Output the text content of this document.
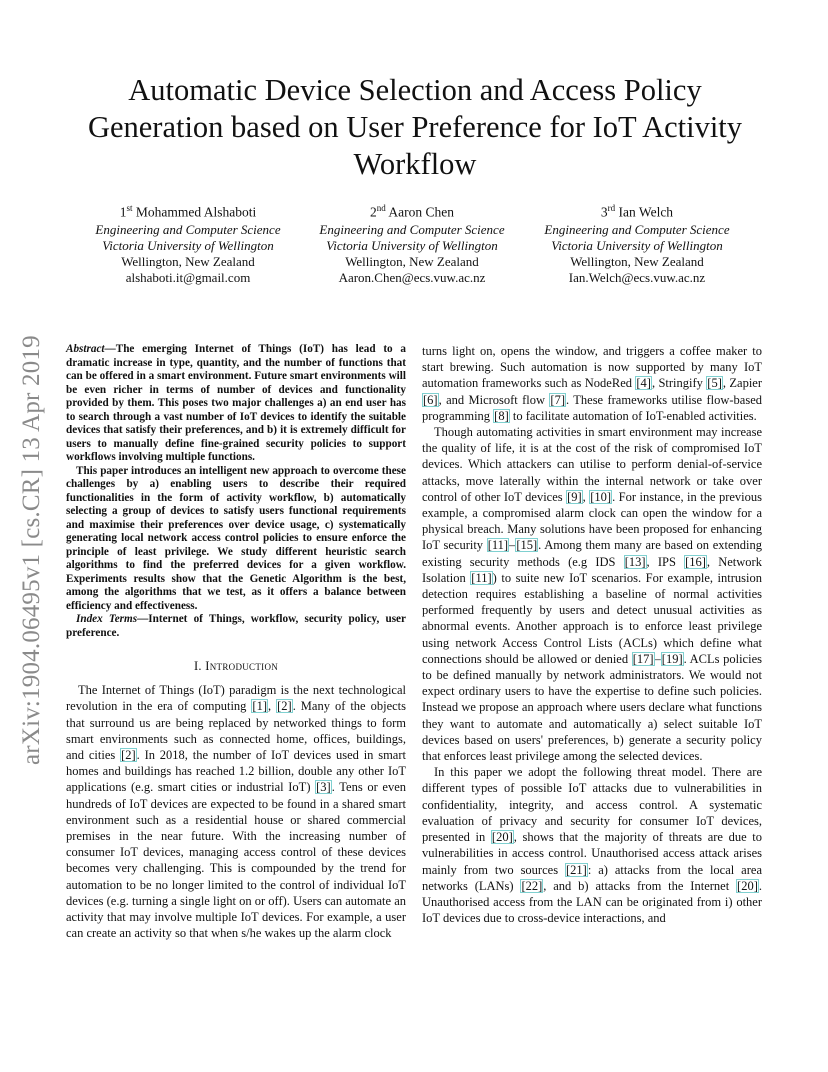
arXiv:1904.06495v1 [cs.CR] 13 Apr 2019
Automatic Device Selection and Access Policy Generation based on User Preference for IoT Activity Workflow
1st Mohammed Alshaboti
Engineering and Computer Science
Victoria University of Wellington
Wellington, New Zealand
alshaboti.it@gmail.com
2nd Aaron Chen
Engineering and Computer Science
Victoria University of Wellington
Wellington, New Zealand
Aaron.Chen@ecs.vuw.ac.nz
3rd Ian Welch
Engineering and Computer Science
Victoria University of Wellington
Wellington, New Zealand
Ian.Welch@ecs.vuw.ac.nz

Abstract—The emerging Internet of Things (IoT) has lead to a dramatic increase in type, quantity, and the number of functions that can be offered in a smart environment. Future smart environments will be even richer in terms of number of devices and functionality provided by them. This poses two major challenges a) an end user has to search through a vast number of IoT devices to identify the suitable devices that satisfy their preferences, and b) it is extremely difficult for users to manually define fine-grained security policies to support workflows involving multiple functions.

This paper introduces an intelligent new approach to overcome these challenges by a) enabling users to describe their required functionalities in the form of activity workflow, b) automatically selecting a group of devices to satisfy users functional requirements and maximise their preferences over device usage, c) systematically generating local network access control policies to ensure enforce the principle of least privilege. We study different heuristic search algorithms to find the preferred devices for a given workflow. Experiments results show that the Genetic Algorithm is the best, among the algorithms that we test, as it offers a balance between efficiency and effectiveness.

Index Terms—Internet of Things, workflow, security policy, user preference.

I. Introduction

The Internet of Things (IoT) paradigm is the next technological revolution in the era of computing [1], [2]. Many of the objects that surround us are being replaced by networked things to form smart environments such as connected home, offices, buildings, and cities [2]. In 2018, the number of IoT devices used in smart homes and buildings has reached 1.2 billion, double any other IoT applications (e.g. smart cities or industrial IoT) [3]. Tens or even hundreds of IoT devices are expected to be found in a shared smart environment such as a residential house or shared commercial premises in the near future. With the increasing number of consumer IoT devices, managing access control of these devices becomes very challenging. This is compounded by the trend for automation to be no longer limited to the control of individual IoT devices (e.g. turning a single light on or off). Users can automate an activity that may involve multiple IoT devices. For example, a user can create an activity so that when s/he wakes up the alarm clock

turns light on, opens the window, and triggers a coffee maker to start brewing. Such automation is now supported by many IoT automation frameworks such as NodeRed [4], Stringify [5], Zapier [6], and Microsoft flow [7]. These frameworks utilise flow-based programming [8] to facilitate automation of IoT-enabled activities.

Though automating activities in smart environment may increase the quality of life, it is at the cost of the risk of compromised IoT devices. Which attackers can utilise to perform denial-of-service attacks, move laterally within the internal network or take over control of other IoT devices [9], [10]. For instance, in the previous example, a compromised alarm clock can open the window for a physical breach. Many solutions have been proposed for enhancing IoT security [11]–[15]. Among them many are based on extending existing security methods (e.g IDS [13], IPS [16], Network Isolation [11]) to suite new IoT scenarios. For example, intrusion detection requires establishing a baseline of normal activities performed frequently by users and detect unusual activities as abnormal events. Another approach is to enforce least privilege using network Access Control Lists (ACLs) which define what connections should be allowed or denied [17]–[19]. ACLs policies to be defined manually by network administrators. We would not expect ordinary users to have the expertise to define such policies. Instead we propose an approach where users declare what functions they want to automate and automatically a) select suitable IoT devices based on users' preferences, b) generate a security policy that enforces least privilege among the selected devices.

In this paper we adopt the following threat model. There are different types of possible IoT attacks due to vulnerabilities in confidentiality, integrity, and access control. A systematic evaluation of privacy and security for consumer IoT devices, presented in [20], shows that the majority of threats are due to vulnerabilities in access control. Unauthorised access attack arises mainly from two sources [21]: a) attacks from the local area networks (LANs) [22], and b) attacks from the Internet [20]. Unauthorised access from the LAN can be originated from i) other IoT devices due to cross-device interactions, and
